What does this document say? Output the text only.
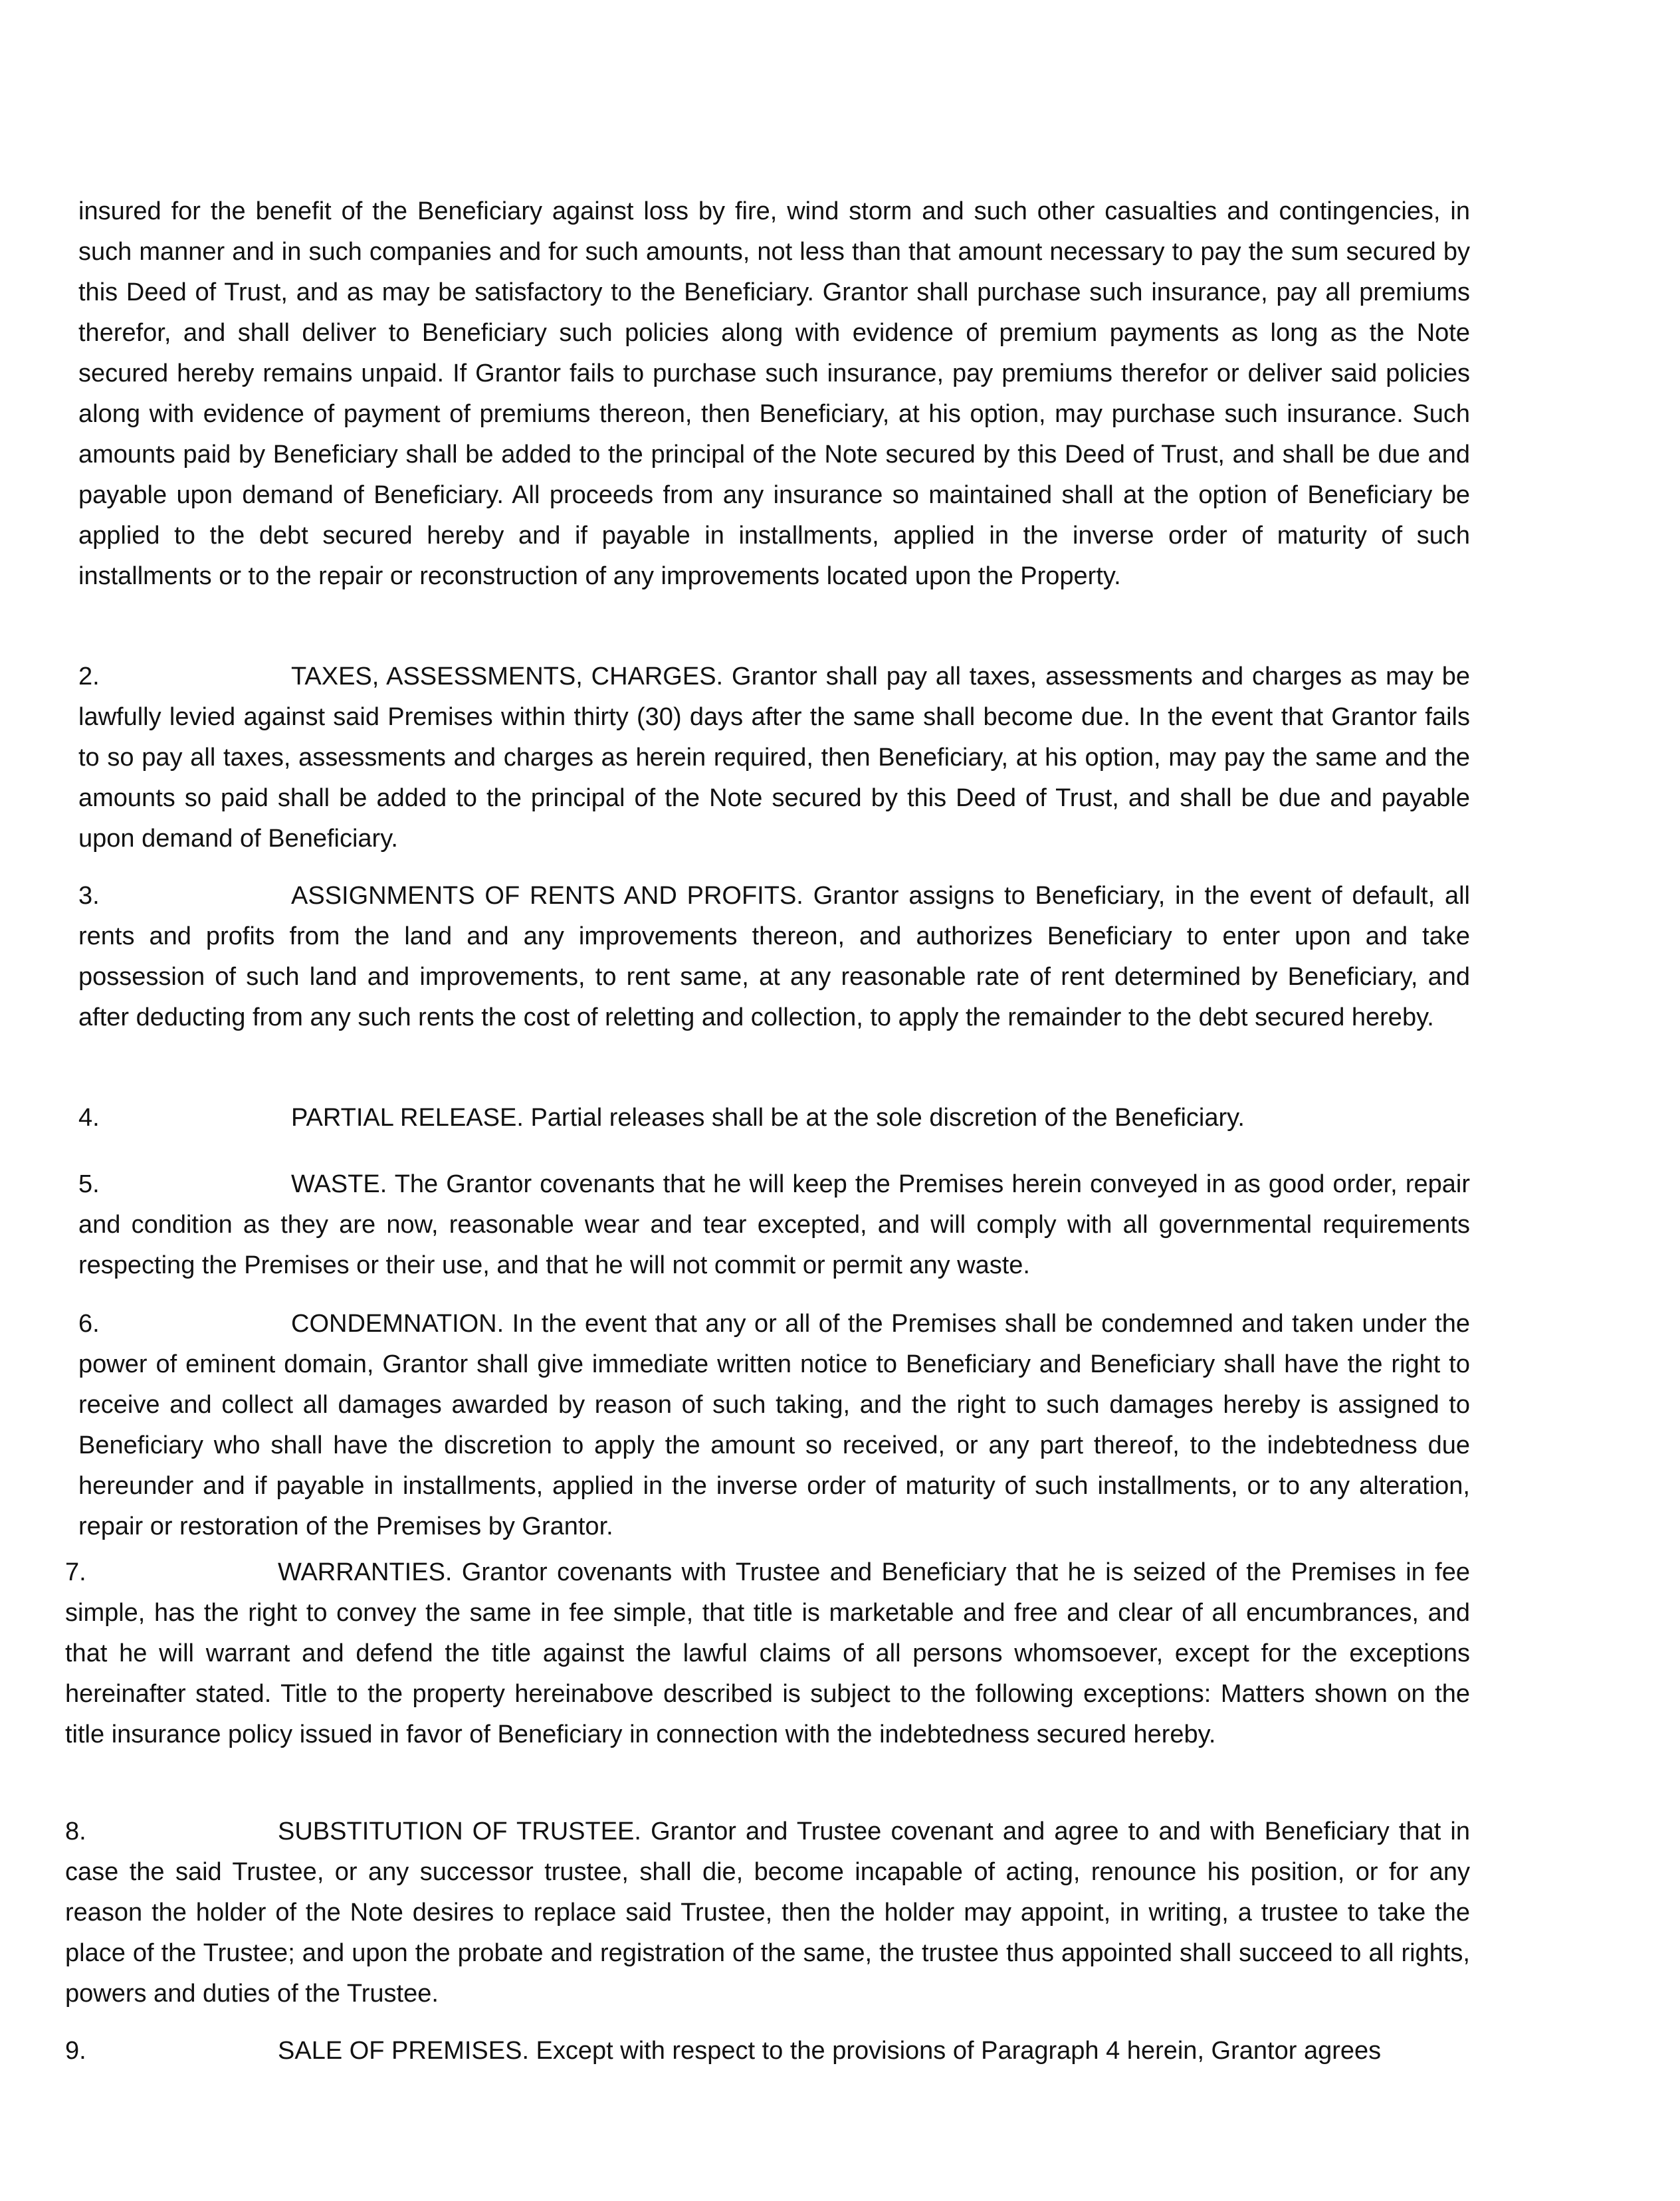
insured for the benefit of the Beneficiary against loss by fire, wind storm and such other casualties and contingencies, in such manner and in such companies and for such amounts, not less than that amount necessary to pay the sum secured by this Deed of Trust, and as may be satisfactory to the Beneficiary. Grantor shall purchase such insurance, pay all premiums therefor, and shall deliver to Beneficiary such policies along with evidence of premium payments as long as the Note secured hereby remains unpaid. If Grantor fails to purchase such insurance, pay premiums therefor or deliver said policies along with evidence of payment of premiums thereon, then Beneficiary, at his option, may purchase such insurance. Such amounts paid by Beneficiary shall be added to the principal of the Note secured by this Deed of Trust, and shall be due and payable upon demand of Beneficiary. All proceeds from any insurance so maintained shall at the option of Beneficiary be applied to the debt secured hereby and if payable in installments, applied in the inverse order of maturity of such installments or to the repair or reconstruction of any improvements located upon the Property.

2.	TAXES, ASSESSMENTS, CHARGES. Grantor shall pay all taxes, assessments and charges as may be lawfully levied against said Premises within thirty (30) days after the same shall become due. In the event that Grantor fails to so pay all taxes, assessments and charges as herein required, then Beneficiary, at his option, may pay the same and the amounts so paid shall be added to the principal of the Note secured by this Deed of Trust, and shall be due and payable upon demand of Beneficiary.

3.	ASSIGNMENTS OF RENTS AND PROFITS. Grantor assigns to Beneficiary, in the event of default, all rents and profits from the land and any improvements thereon, and authorizes Beneficiary to enter upon and take possession of such land and improvements, to rent same, at any reasonable rate of rent determined by Beneficiary, and after deducting from any such rents the cost of reletting and collection, to apply the remainder to the debt secured hereby.

4.	PARTIAL RELEASE. Partial releases shall be at the sole discretion of the Beneficiary.

5.	WASTE. The Grantor covenants that he will keep the Premises herein conveyed in as good order, repair and condition as they are now, reasonable wear and tear excepted, and will comply with all governmental requirements respecting the Premises or their use, and that he will not commit or permit any waste.

6.	CONDEMNATION. In the event that any or all of the Premises shall be condemned and taken under the power of eminent domain, Grantor shall give immediate written notice to Beneficiary and Beneficiary shall have the right to receive and collect all damages awarded by reason of such taking, and the right to such damages hereby is assigned to Beneficiary who shall have the discretion to apply the amount so received, or any part thereof, to the indebtedness due hereunder and if payable in installments, applied in the inverse order of maturity of such installments, or to any alteration, repair or restoration of the Premises by Grantor.

7.	WARRANTIES. Grantor covenants with Trustee and Beneficiary that he is seized of the Premises in fee simple, has the right to convey the same in fee simple, that title is marketable and free and clear of all encumbrances, and that he will warrant and defend the title against the lawful claims of all persons whomsoever, except for the exceptions hereinafter stated. Title to the property hereinabove described is subject to the following exceptions: Matters shown on the title insurance policy issued in favor of Beneficiary in connection with the indebtedness secured hereby.

8.	SUBSTITUTION OF TRUSTEE. Grantor and Trustee covenant and agree to and with Beneficiary that in case the said Trustee, or any successor trustee, shall die, become incapable of acting, renounce his position, or for any reason the holder of the Note desires to replace said Trustee, then the holder may appoint, in writing, a trustee to take the place of the Trustee; and upon the probate and registration of the same, the trustee thus appointed shall succeed to all rights, powers and duties of the Trustee.

9.	SALE OF PREMISES. Except with respect to the provisions of Paragraph 4 herein, Grantor agrees
